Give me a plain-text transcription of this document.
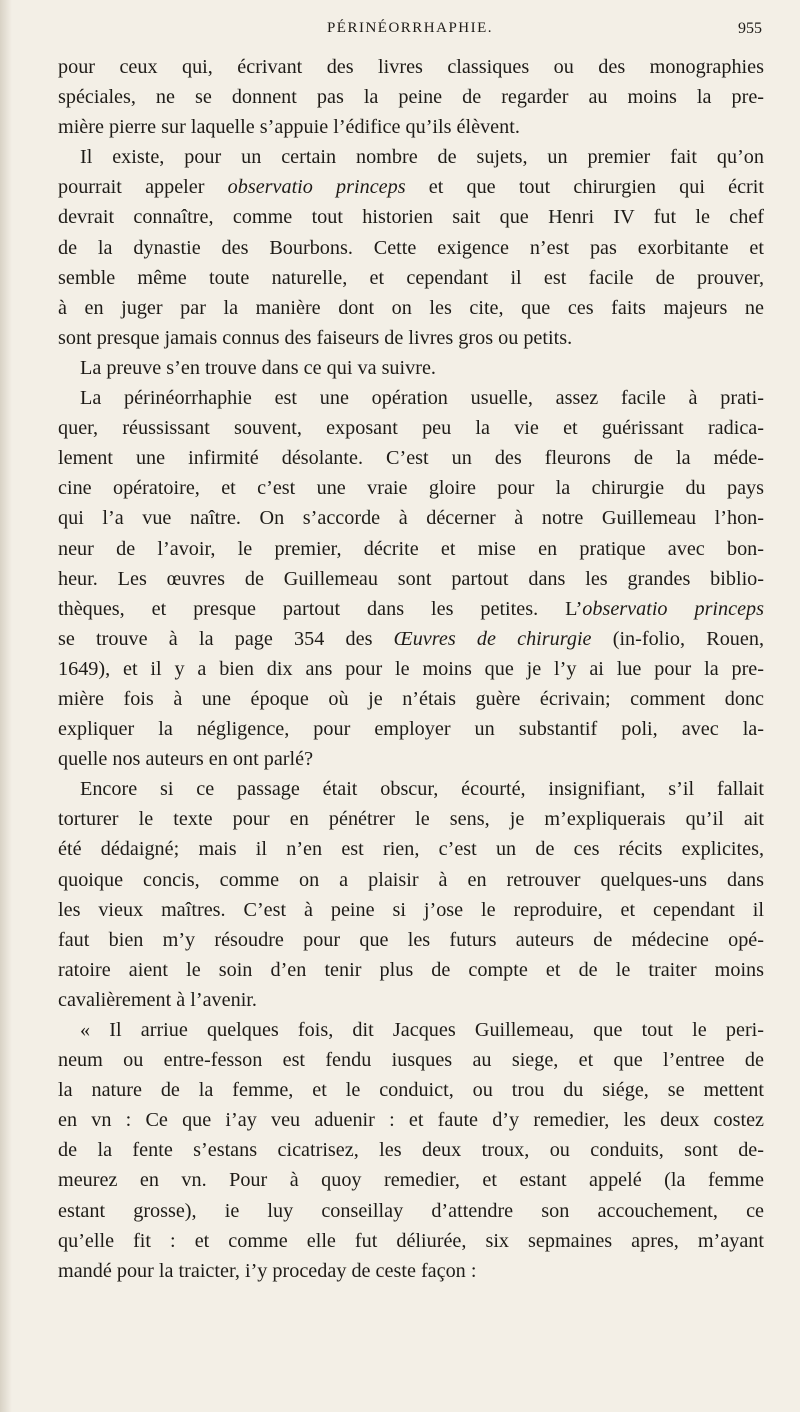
PÉRINÉORRHAPHIE.	955
pour ceux qui, écrivant des livres classiques ou des monographies
spéciales, ne se donnent pas la peine de regarder au moins la pre-
mière pierre sur laquelle s’appuie l’édifice qu’ils élèvent.
Il existe, pour un certain nombre de sujets, un premier fait qu’on
pourrait appeler observatio princeps et que tout chirurgien qui écrit
devrait connaître, comme tout historien sait que Henri IV fut le chef
de la dynastie des Bourbons. Cette exigence n’est pas exorbitante et
semble même toute naturelle, et cependant il est facile de prouver,
à en juger par la manière dont on les cite, que ces faits majeurs ne
sont presque jamais connus des faiseurs de livres gros ou petits.
La preuve s’en trouve dans ce qui va suivre.
La périnéorrhaphie est une opération usuelle, assez facile à prati-
quer, réussissant souvent, exposant peu la vie et guérissant radica-
lement une infirmité désolante. C’est un des fleurons de la méde-
cine opératoire, et c’est une vraie gloire pour la chirurgie du pays
qui l’a vue naître. On s’accorde à décerner à notre Guillemeau l’hon-
neur de l’avoir, le premier, décrite et mise en pratique avec bon-
heur. Les œuvres de Guillemeau sont partout dans les grandes biblio-
thèques, et presque partout dans les petites. L’observatio princeps
se trouve à la page 354 des Œuvres de chirurgie (in-folio, Rouen,
1649), et il y a bien dix ans pour le moins que je l’y ai lue pour la pre-
mière fois à une époque où je n’étais guère écrivain; comment donc
expliquer la négligence, pour employer un substantif poli, avec la-
quelle nos auteurs en ont parlé?
Encore si ce passage était obscur, écourté, insignifiant, s’il fallait
torturer le texte pour en pénétrer le sens, je m’expliquerais qu’il ait
été dédaigné; mais il n’en est rien, c’est un de ces récits explicites,
quoique concis, comme on a plaisir à en retrouver quelques-uns dans
les vieux maîtres. C’est à peine si j’ose le reproduire, et cependant il
faut bien m’y résoudre pour que les futurs auteurs de médecine opé-
ratoire aient le soin d’en tenir plus de compte et de le traiter moins
cavalièrement à l’avenir.
« Il arriue quelques fois, dit Jacques Guillemeau, que tout le peri-
neum ou entre-fesson est fendu iusques au siege, et que l’entree de
la nature de la femme, et le conduict, ou trou du siége, se mettent
en vn : Ce que i’ay veu aduenir : et faute d’y remedier, les deux costez
de la fente s’estans cicatrisez, les deux troux, ou conduits, sont de-
meurez en vn. Pour à quoy remedier, et estant appelé (la femme
estant grosse), ie luy conseillay d’attendre son accouchement, ce
qu’elle fit : et comme elle fut déliurée, six sepmaines apres, m’ayant
mandé pour la traicter, i’y proceday de ceste façon :
